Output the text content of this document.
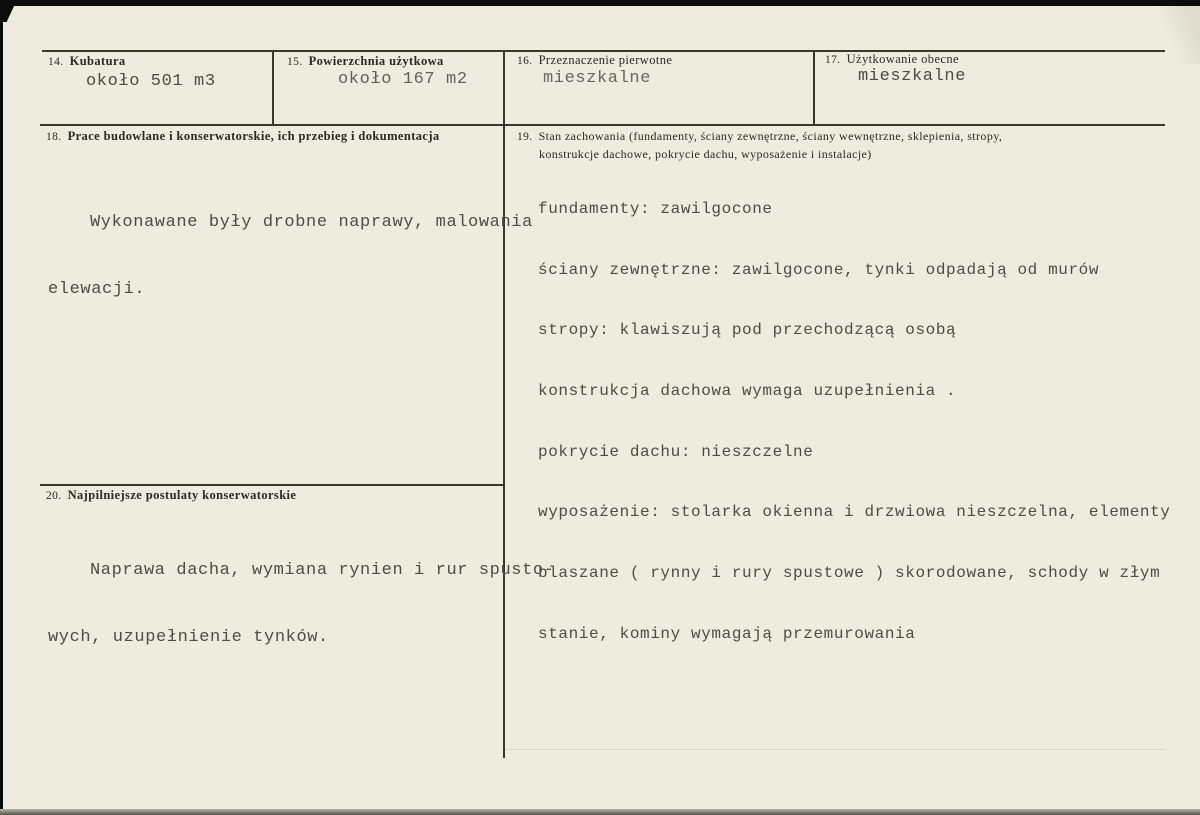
14. Kubatura
około 501 m3
15. Powierzchnia użytkowa
około 167 m2
16. Przeznaczenie pierwotne
mieszkalne
17. Użytkowanie obecne
mieszkalne
18. Prace budowlane i konserwatorskie, ich przebieg i dokumentacja

Wykonawane były drobne naprawy, malowania

elewacji.

19. Stan zachowania (fundamenty, ściany zewnętrzne, ściany wewnętrzne, sklepienia, stropy,
konstrukcje dachowe, pokrycie dachu, wyposażenie i instalacje)

fundamenty: zawilgocone

ściany zewnętrzne: zawilgocone, tynki odpadają od murów

stropy: klawiszują pod przechodzącą osobą

konstrukcja dachowa wymaga uzupełnienia .

pokrycie dachu: nieszczelne

wyposażenie: stolarka okienna i drzwiowa nieszczelna, elementy

blaszane ( rynny i rury spustowe ) skorodowane, schody w złym

stanie, kominy wymagają przemurowania

20. Najpilniejsze postulaty konserwatorskie

Naprawa dacha, wymiana rynien i rur spusto-

wych, uzupełnienie tynków.
